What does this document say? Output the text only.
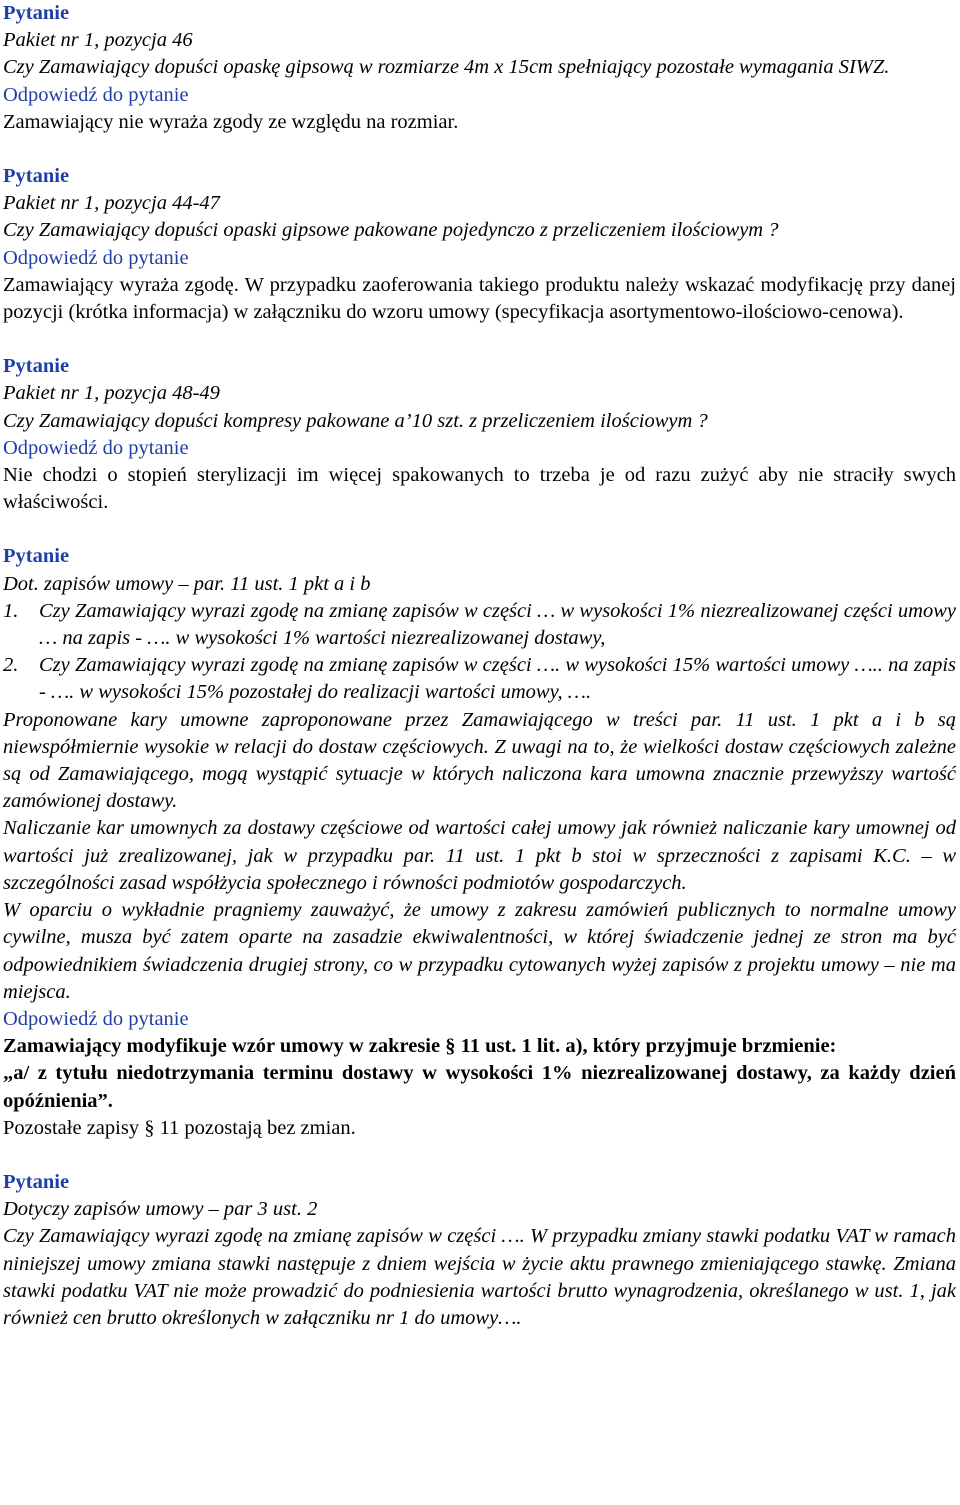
Pytanie

Pakiet nr 1, pozycja 46

Czy Zamawiający dopuści opaskę gipsową w rozmiarze 4m x 15cm spełniający pozostałe wymagania SIWZ.

Odpowiedź do pytanie

Zamawiający nie wyraża zgody ze względu na rozmiar.

Pytanie

Pakiet nr 1, pozycja 44-47

Czy Zamawiający dopuści opaski gipsowe pakowane pojedynczo z przeliczeniem ilościowym ?

Odpowiedź do pytanie

Zamawiający wyraża zgodę. W przypadku zaoferowania takiego produktu należy wskazać modyfikację przy danej pozycji (krótka informacja) w załączniku do wzoru umowy (specyfikacja asortymentowo-ilościowo-cenowa).

Pytanie

Pakiet nr 1, pozycja 48-49

Czy Zamawiający dopuści kompresy pakowane a’10 szt. z przeliczeniem ilościowym ?

Odpowiedź do pytanie

Nie chodzi o stopień sterylizacji im więcej spakowanych to trzeba je od razu zużyć aby nie straciły swych właściwości.

Pytanie

Dot. zapisów umowy – par. 11 ust. 1 pkt a i b

1.	Czy Zamawiający wyrazi zgodę na zmianę zapisów w części … w wysokości 1% niezrealizowanej części umowy … na zapis - …. w wysokości 1% wartości niezrealizowanej dostawy,
2.	Czy Zamawiający wyrazi zgodę na zmianę zapisów w części …. w wysokości 15% wartości umowy ….. na zapis - …. w wysokości 15% pozostałej do realizacji wartości umowy, ….

Proponowane kary umowne zaproponowane przez Zamawiającego w treści par. 11 ust. 1 pkt a i b są niewspółmiernie wysokie w relacji do dostaw częściowych. Z uwagi na to, że wielkości dostaw częściowych zależne są od Zamawiającego, mogą wystąpić sytuacje w których naliczona kara umowna znacznie przewyższy wartość zamówionej dostawy.

Naliczanie kar umownych za dostawy częściowe od wartości całej umowy jak również naliczanie kary umownej od wartości już zrealizowanej, jak w przypadku par. 11 ust. 1 pkt b stoi w sprzeczności z zapisami K.C. – w szczególności zasad współżycia społecznego i równości podmiotów gospodarczych.

W oparciu o wykładnie pragniemy zauważyć, że umowy z zakresu zamówień publicznych to normalne umowy cywilne, musza być zatem oparte na zasadzie ekwiwalentności, w której świadczenie jednej ze stron ma być odpowiednikiem świadczenia drugiej strony, co w przypadku cytowanych wyżej zapisów z projektu umowy – nie ma miejsca.

Odpowiedź do pytanie

Zamawiający modyfikuje wzór umowy w zakresie § 11 ust. 1 lit. a), który przyjmuje brzmienie:

„a/ z tytułu niedotrzymania terminu dostawy w wysokości 1% niezrealizowanej dostawy, za każdy dzień opóźnienia”.

Pozostałe zapisy § 11 pozostają bez zmian.

Pytanie

Dotyczy zapisów umowy – par 3 ust. 2

Czy Zamawiający wyrazi zgodę na zmianę zapisów w części …. W przypadku zmiany stawki podatku VAT w ramach niniejszej umowy zmiana stawki następuje z dniem wejścia w życie aktu prawnego zmieniającego stawkę. Zmiana stawki podatku VAT nie może prowadzić do podniesienia wartości brutto wynagrodzenia, określanego w ust. 1, jak również cen brutto określonych w załączniku nr 1 do umowy….
